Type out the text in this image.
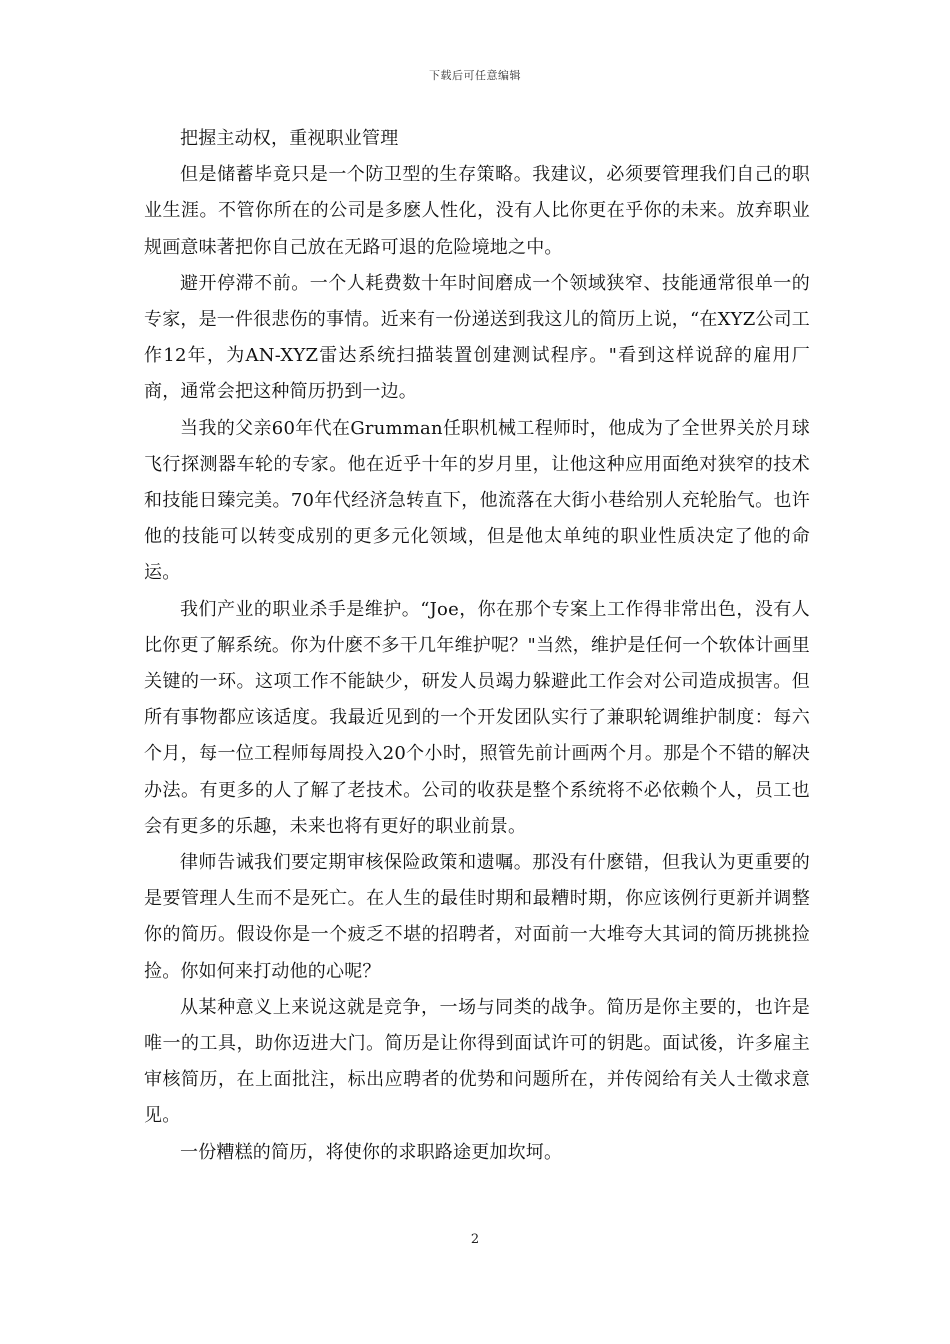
下载后可任意编辑

把握主动权，重视职业管理

但是储蓄毕竟只是一个防卫型的生存策略。我建议，必须要管理我们自己的职业生涯。不管你所在的公司是多麽人性化，没有人比你更在乎你的未来。放弃职业规画意味著把你自己放在无路可退的危险境地之中。

避开停滞不前。一个人耗费数十年时间磨成一个领域狭窄、技能通常很单一的专家，是一件很悲伤的事情。近来有一份递送到我这儿的简历上说，“在XYZ公司工作12年，为AN-XYZ雷达系统扫描装置创建测试程序。"看到这样说辞的雇用厂商，通常会把这种简历扔到一边。

当我的父亲60年代在Grumman任职机械工程师时，他成为了全世界关於月球飞行探测器车轮的专家。他在近乎十年的岁月里，让他这种应用面绝对狭窄的技术和技能日臻完美。70年代经济急转直下，他流落在大街小巷给别人充轮胎气。也许他的技能可以转变成别的更多元化领域，但是他太单纯的职业性质决定了他的命运。

我们产业的职业杀手是维护。“Joe，你在那个专案上工作得非常出色，没有人比你更了解系统。你为什麽不多干几年维护呢？"当然，维护是任何一个软体计画里关键的一环。这项工作不能缺少，研发人员竭力躲避此工作会对公司造成损害。但所有事物都应该适度。我最近见到的一个开发团队实行了兼职轮调维护制度：每六个月，每一位工程师每周投入20个小时，照管先前计画两个月。那是个不错的解决办法。有更多的人了解了老技术。公司的收获是整个系统将不必依赖个人，员工也会有更多的乐趣，未来也将有更好的职业前景。

律师告诫我们要定期审核保险政策和遗嘱。那没有什麽错，但我认为更重要的是要管理人生而不是死亡。在人生的最佳时期和最糟时期，你应该例行更新并调整你的简历。假设你是一个疲乏不堪的招聘者，对面前一大堆夸大其词的简历挑挑捡捡。你如何来打动他的心呢？

从某种意义上来说这就是竞争，一场与同类的战争。简历是你主要的，也许是唯一的工具，助你迈进大门。简历是让你得到面试许可的钥匙。面试後，许多雇主审核简历，在上面批注，标出应聘者的优势和问题所在，并传阅给有关人士徵求意见。

一份糟糕的简历，将使你的求职路途更加坎坷。

2
